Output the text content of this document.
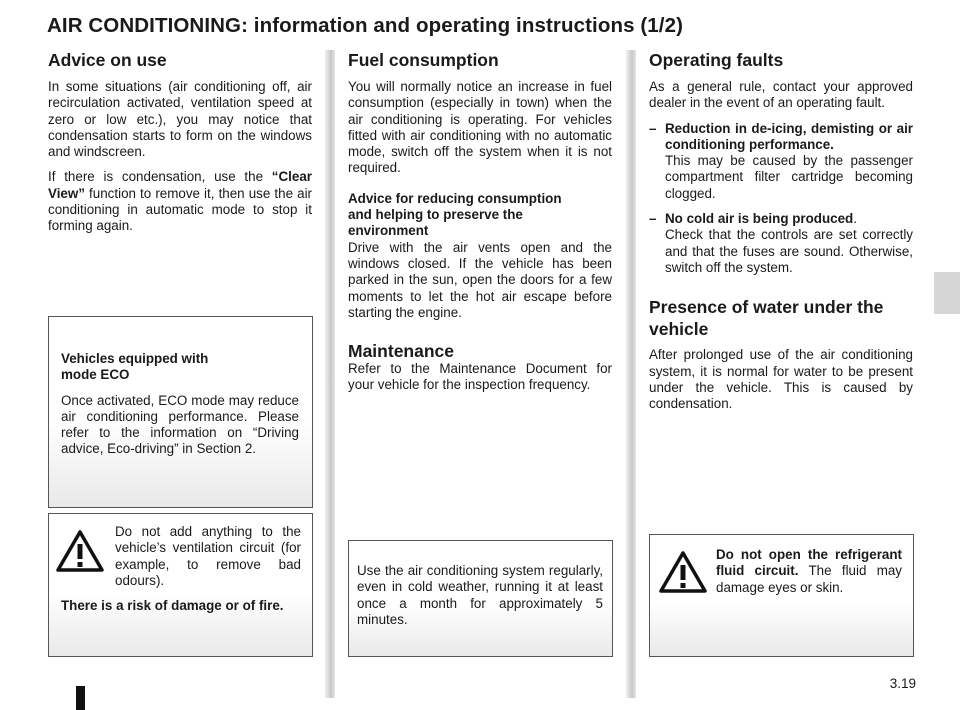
AIR CONDITIONING: information and operating instructions (1/2)
Advice on use

In some situations (air conditioning off, air recirculation activated, ventilation speed at zero or low etc.), you may notice that condensation starts to form on the windows and windscreen.

If there is condensation, use the “Clear View” function to remove it, then use the air conditioning in automatic mode to stop it forming again.

Vehicles equipped with
mode ECO

Once activated, ECO mode may reduce air conditioning performance. Please refer to the information on “Driving advice, Eco-driving” in Section 2.

Do not add anything to the vehicle’s ventilation circuit (for example, to remove bad odours).

There is a risk of damage or of fire.

Fuel consumption

You will normally notice an increase in fuel consumption (especially in town) when the air conditioning is operating. For vehicles fitted with air conditioning with no automatic mode, switch off the system when it is not required.

Advice for reducing consumption
and helping to preserve the
environment

Drive with the air vents open and the windows closed. If the vehicle has been parked in the sun, open the doors for a few moments to let the hot air escape before starting the engine.

Maintenance

Refer to the Maintenance Document for your vehicle for the inspection frequency.

Use the air conditioning system regularly, even in cold weather, running it at least once a month for approximately 5 minutes.

Operating faults

As a general rule, contact your approved dealer in the event of an operating fault.

– Reduction in de-icing, demisting or air conditioning performance.
This may be caused by the passenger compartment filter cartridge becoming clogged.
– No cold air is being produced.
Check that the controls are set correctly and that the fuses are sound. Otherwise, switch off the system.
Presence of water under the vehicle

After prolonged use of the air conditioning system, it is normal for water to be present under the vehicle. This is caused by condensation.

Do not open the refrigerant fluid circuit. The fluid may damage eyes or skin.

3.19
